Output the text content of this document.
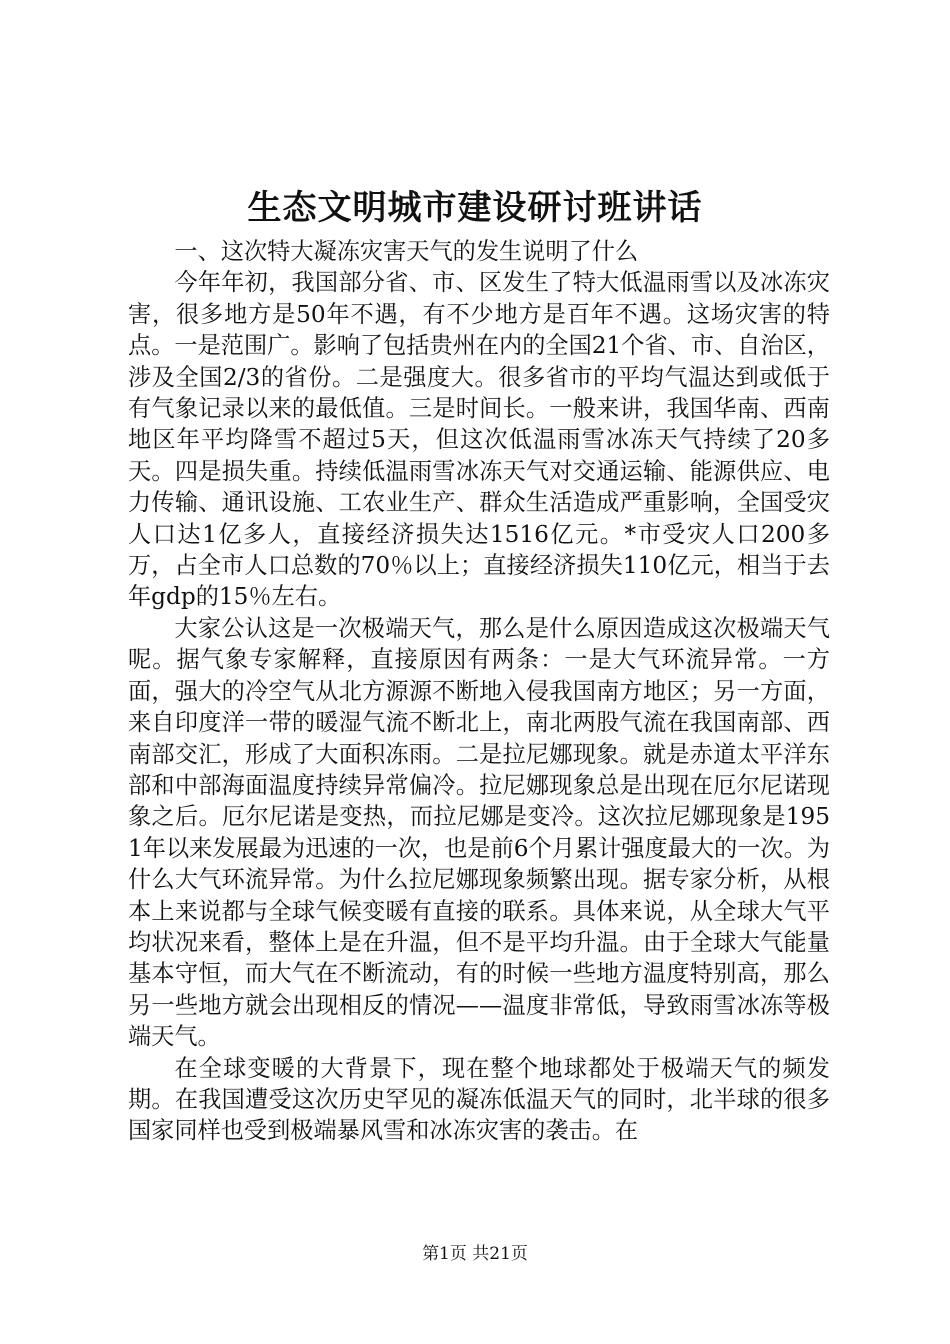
生态文明城市建设研讨班讲话

一、这次特大凝冻灾害天气的发生说明了什么

今年年初，我国部分省、市、区发生了特大低温雨雪以及冰冻灾害，很多地方是50年不遇，有不少地方是百年不遇。这场灾害的特点。一是范围广。影响了包括贵州在内的全国21个省、市、自治区，涉及全国2/3的省份。二是强度大。很多省市的平均气温达到或低于有气象记录以来的最低值。三是时间长。一般来讲，我国华南、西南地区年平均降雪不超过5天，但这次低温雨雪冰冻天气持续了20多天。四是损失重。持续低温雨雪冰冻天气对交通运输、能源供应、电力传输、通讯设施、工农业生产、群众生活造成严重影响，全国受灾人口达1亿多人，直接经济损失达1516亿元。*市受灾人口200多万，占全市人口总数的70％以上；直接经济损失110亿元，相当于去年gdp的15％左右。

大家公认这是一次极端天气，那么是什么原因造成这次极端天气呢。据气象专家解释，直接原因有两条：一是大气环流异常。一方面，强大的冷空气从北方源源不断地入侵我国南方地区；另一方面，来自印度洋一带的暖湿气流不断北上，南北两股气流在我国南部、西南部交汇，形成了大面积冻雨。二是拉尼娜现象。就是赤道太平洋东部和中部海面温度持续异常偏冷。拉尼娜现象总是出现在厄尔尼诺现象之后。厄尔尼诺是变热，而拉尼娜是变冷。这次拉尼娜现象是1951年以来发展最为迅速的一次，也是前6个月累计强度最大的一次。为什么大气环流异常。为什么拉尼娜现象频繁出现。据专家分析，从根本上来说都与全球气候变暖有直接的联系。具体来说，从全球大气平均状况来看，整体上是在升温，但不是平均升温。由于全球大气能量基本守恒，而大气在不断流动，有的时候一些地方温度特别高，那么另一些地方就会出现相反的情况——温度非常低，导致雨雪冰冻等极端天气。

在全球变暖的大背景下，现在整个地球都处于极端天气的频发期。在我国遭受这次历史罕见的凝冻低温天气的同时，北半球的很多国家同样也受到极端暴风雪和冰冻灾害的袭击。在

第1页 共21页
